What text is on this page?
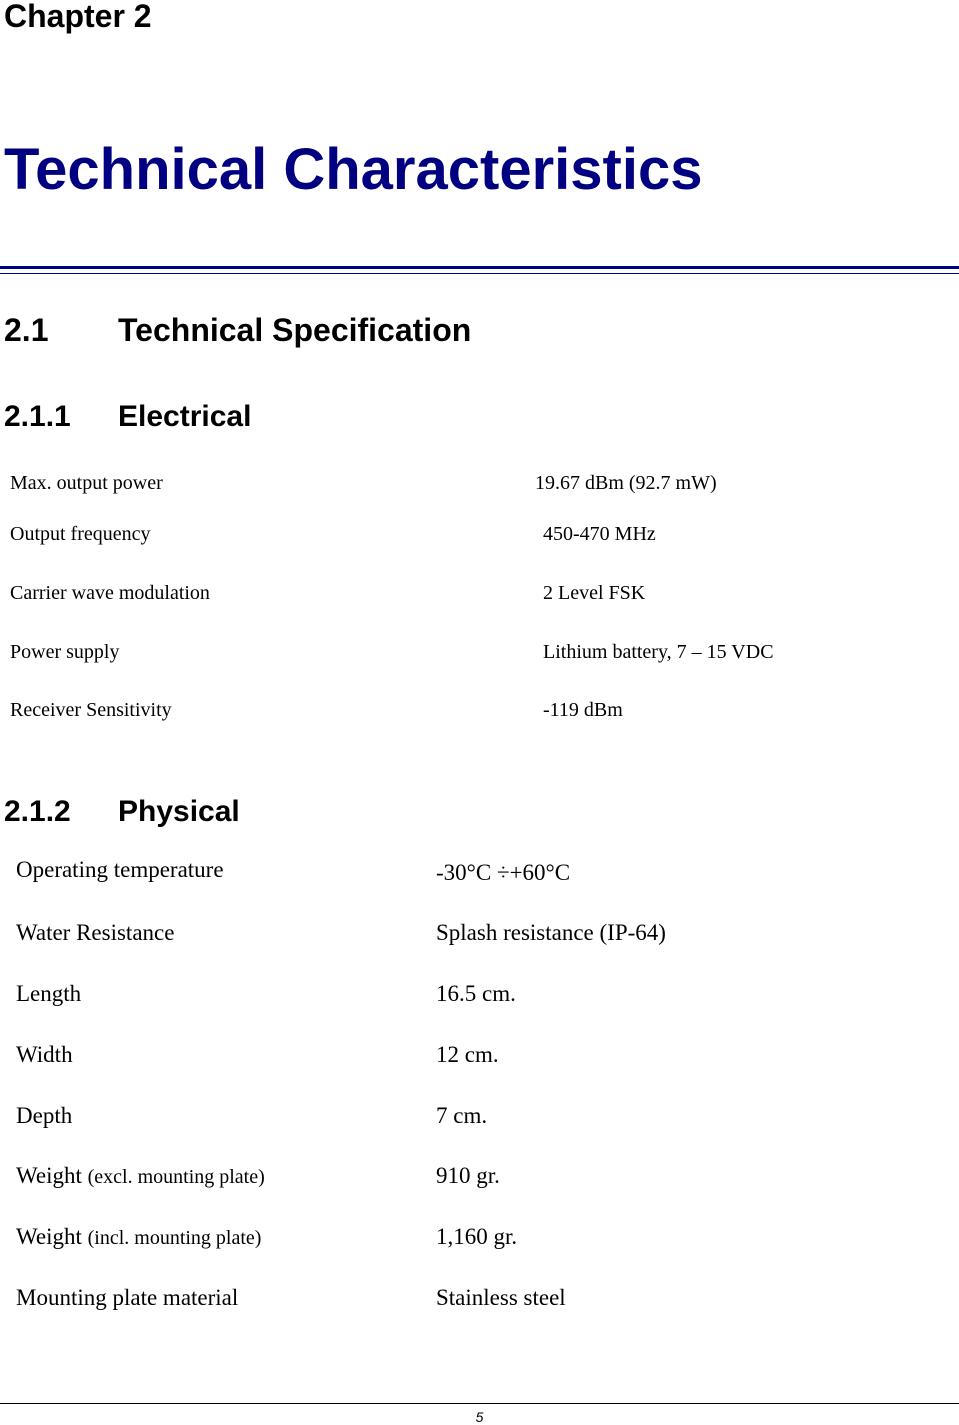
Chapter 2
Technical Characteristics
2.1 Technical Specification
2.1.1 Electrical
Max. output power	19.67 dBm (92.7 mW)
Output frequency	450-470 MHz
Carrier wave modulation	2 Level FSK
Power supply	Lithium battery, 7 – 15 VDC
Receiver Sensitivity	-119 dBm
2.1.2 Physical
Operating temperature	-30°C ÷+60°C
Water Resistance	Splash resistance (IP-64)
Length	16.5 cm.
Width	12 cm.
Depth	7 cm.
Weight (excl. mounting plate)	910 gr.
Weight (incl. mounting plate)	1,160 gr.
Mounting plate material	Stainless steel
5
